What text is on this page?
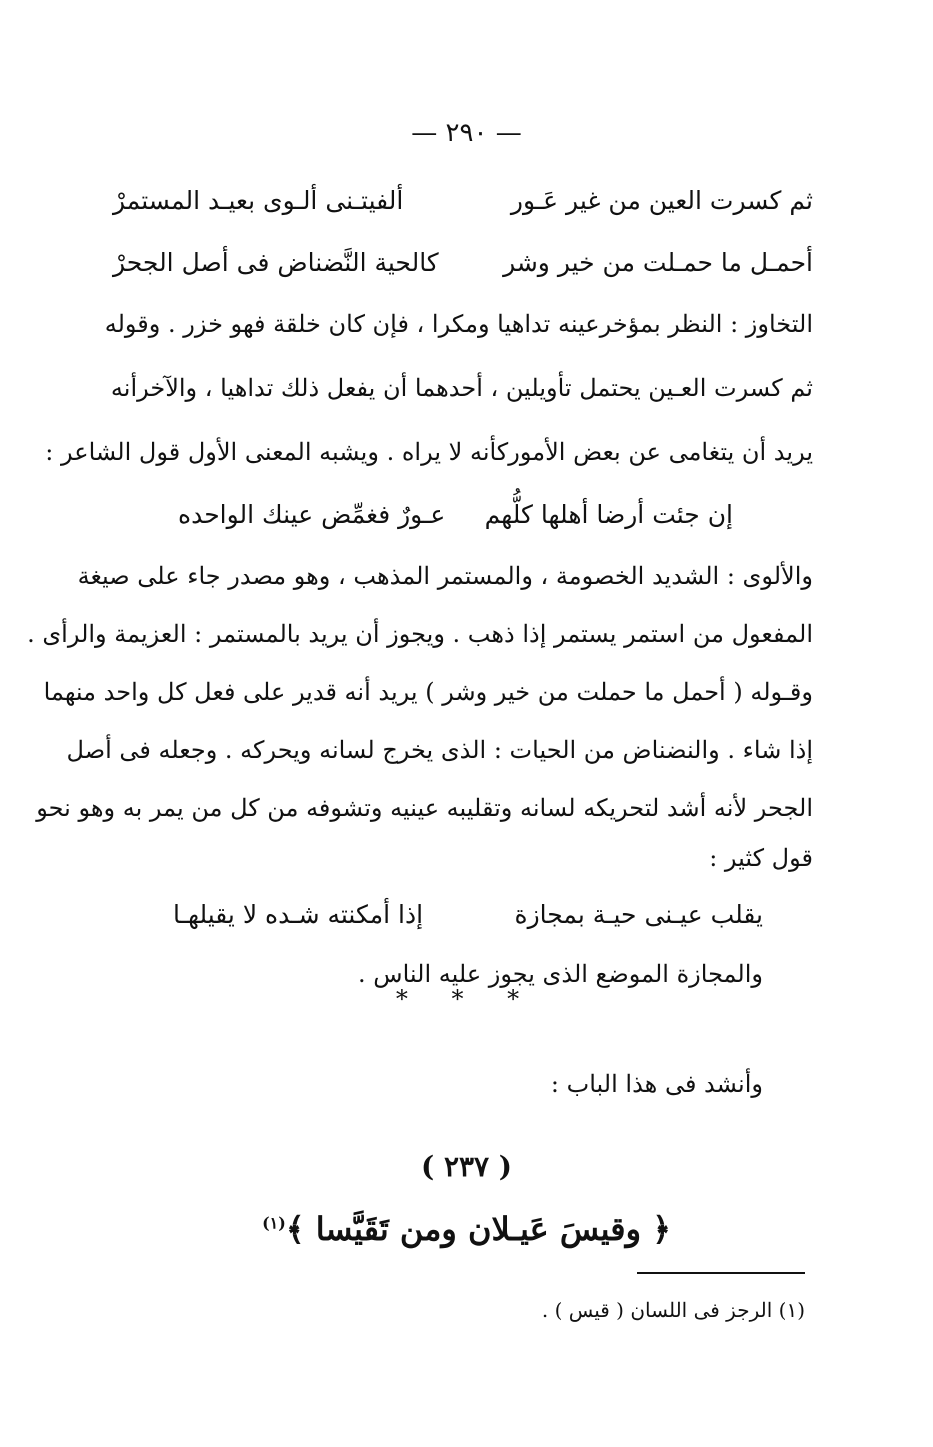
— ٢٩٠ —
ثم كسرت العين من غير عَـور
ألفيتـنى ألـوى بعيـد المستمرْ
أحمـل ما حمـلت من خير وشر
كالحية النَّضناض فى أصل الجحرْ
التخاوز : النظر بمؤخرعينه تداهيا ومكرا ، فإن كان خلقة فهو خزر . وقوله
ثم كسرت العـين يحتمل تأويلين ، أحدهما أن يفعل ذلك تداهيا ، والآخرأنه
يريد أن يتغامى عن بعض الأموركأنه لا يراه . ويشبه المعنى الأول قول الشاعر :
إن جئت أرضا أهلها كلُّهم
عـورٌ فغمِّض عينك الواحده
والألوى : الشديد الخصومة ، والمستمر المذهب ، وهو مصدر جاء على صيغة
المفعول من استمر يستمر إذا ذهب . ويجوز أن يريد بالمستمر : العزيمة والرأى .
وقـوله ( أحمل ما حملت من خير وشر ) يريد أنه قدير على فعل كل واحد منهما
إذا شاء . والنضناض من الحيات : الذى يخرج لسانه ويحركه . وجعله فى أصل
الجحر لأنه أشد لتحريكه لسانه وتقليبه عينيه وتشوفه من كل من يمر به وهو نحو
قول كثير :
يقلب عيـنى حيـة بمجازة
إذا أمكنته شـده لا يقيلهـا
والمجازة الموضع الذى يجوز عليه الناس .
* * *
وأنشد فى هذا الباب :
( ٢٣٧ )
﴿ وقيسَ عَيـلان ومن تَقَيَّسا ﴾$^{(١)}$
(١) الرجز فى اللسان ( قيس ) .
